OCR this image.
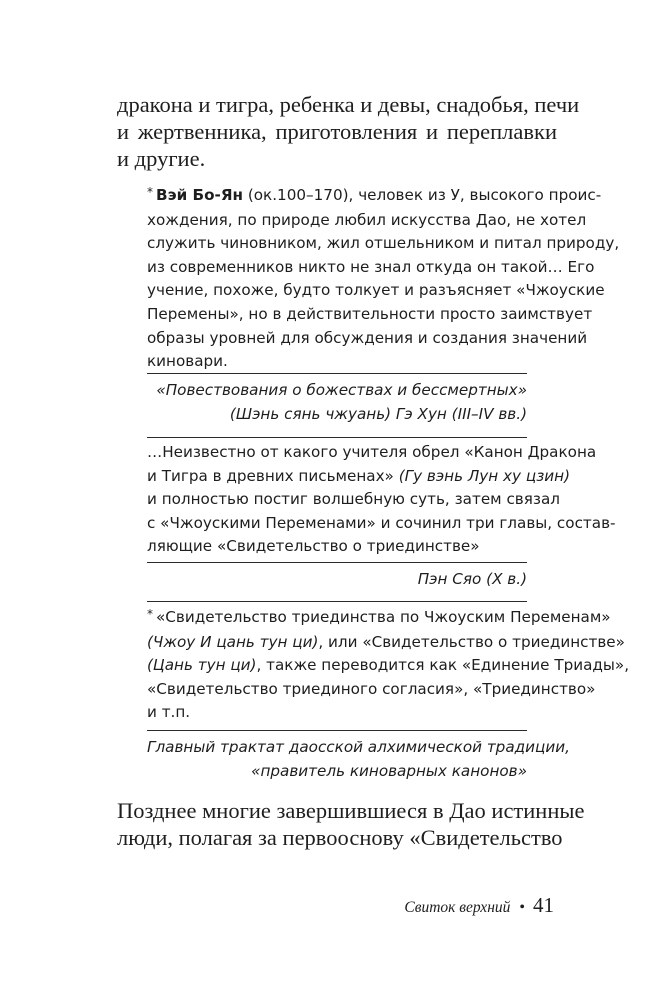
дракона и тигра, ребенка и девы, снадобья, печи
и жертвенника, приготовления и переплавки
и другие.
* Вэй Бо-Ян (ок.100–170), человек из У, высокого проис-
хождения, по природе любил искусства Дао, не хотел
служить чиновником, жил отшельником и питал природу,
из современников никто не знал откуда он такой… Его
учение, похоже, будто толкует и разъясняет «Чжоуские
Перемены», но в действительности просто заимствует
образы уровней для обсуждения и создания значений
киновари.
«Повествования о божествах и бессмертных»
(Шэнь сянь чжуань) Гэ Хун (III–IV вв.)
…Неизвестно от какого учителя обрел «Канон Дракона
и Тигра в древних письменах» (Гу вэнь Лун ху цзин)
и полностью постиг волшебную суть, затем связал
с «Чжоускими Переменами» и сочинил три главы, состав-
ляющие «Свидетельство о триединстве»
Пэн Сяо (X в.)
* «Свидетельство триединства по Чжоуским Переменам»
(Чжоу И цань тун ци), или «Свидетельство о триединстве»
(Цань тун ци), также переводится как «Единение Триады»,
«Свидетельство триединого согласия», «Триединство»
и т.п.
Главный трактат даосской алхимической традиции,
«правитель киноварных канонов»
Позднее многие завершившиеся в Дао истинные
люди, полагая за первооснову «Свидетельство
Свиток верхний • 41
